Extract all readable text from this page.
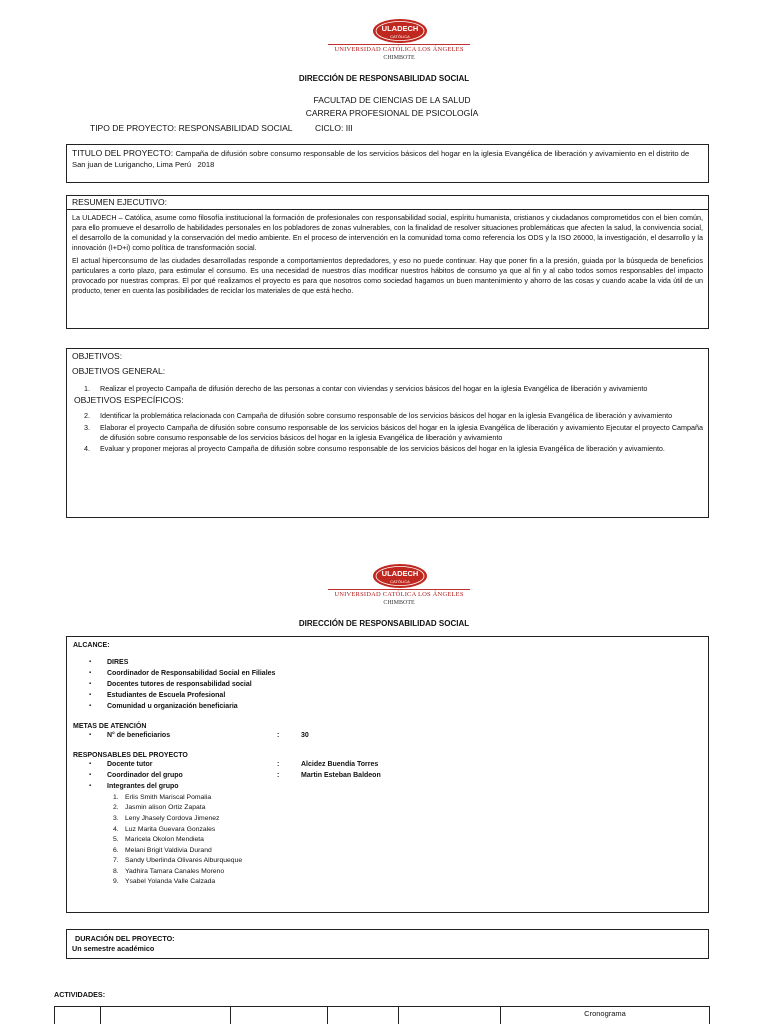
ULADECH
CATÓLICA
UNIVERSIDAD CATÓLICA LOS ÁNGELES
CHIMBOTE
DIRECCIÓN DE RESPONSABILIDAD SOCIAL
FACULTAD DE CIENCIAS DE LA SALUD
CARRERA PROFESIONAL DE PSICOLOGÍA
TIPO DE PROYECTO: RESPONSABILIDAD SOCIAL	CICLO: III
TITULO DEL PROYECTO: Campaña de difusión sobre consumo responsable de los servicios básicos del hogar en la iglesia Evangélica de liberación y avivamiento en el distrito de San juan de Lurigancho, Lima Perú 2018
RESUMEN EJECUTIVO:

La ULADECH – Católica, asume como filosofía institucional la formación de profesionales con responsabilidad social, espíritu humanista, cristianos y ciudadanos comprometidos con el bien común, para ello promueve el desarrollo de habilidades personales en los pobladores de zonas vulnerables, con la finalidad de resolver situaciones problemáticas que afecten la salud, la convivencia social, el desarrollo de la comunidad y la conservación del medio ambiente. En el proceso de intervención en la comunidad toma como referencia los ODS y la ISO 26000, la investigación, el desarrollo y la innovación (I+D+i) como política de transformación social.

El actual hiperconsumo de las ciudades desarrolladas responde a comportamientos depredadores, y eso no puede continuar. Hay que poner fin a la presión, guiada por la búsqueda de beneficios particulares a corto plazo, para estimular el consumo. Es una necesidad de nuestros días modificar nuestros hábitos de consumo ya que al fin y al cabo todos somos responsables del impacto provocado por nuestras compras. El por qué realizamos el proyecto es para que nosotros como sociedad hagamos un buen mantenimiento y ahorro de las cosas y cuando acabe la vida útil de un producto, tener en cuenta las posibilidades de reciclar los materiales de que está hecho.

OBJETIVOS:
OBJETIVOS GENERAL:
1.	Realizar el proyecto Campaña de difusión derecho de las personas a contar con viviendas y servicios básicos del hogar en la iglesia Evangélica de liberación y avivamiento
OBJETIVOS ESPECÍFICOS:
2.	Identificar la problemática relacionada con Campaña de difusión sobre consumo responsable de los servicios básicos del hogar en la iglesia Evangélica de liberación y avivamiento
3.	Elaborar el proyecto Campaña de difusión sobre consumo responsable de los servicios básicos del hogar en la iglesia Evangélica de liberación y avivamiento Ejecutar el proyecto Campaña de difusión sobre consumo responsable de los servicios básicos del hogar en la iglesia Evangélica de liberación y avivamiento
4.	Evaluar y proponer mejoras al proyecto Campaña de difusión sobre consumo responsable de los servicios básicos del hogar en la iglesia Evangélica de liberación y avivamiento.
ULADECH
CATÓLICA
UNIVERSIDAD CATÓLICA LOS ÁNGELES
CHIMBOTE
DIRECCIÓN DE RESPONSABILIDAD SOCIAL
ALCANCE:
▪	DIRES
▪	Coordinador de Responsabilidad Social en Filiales
▪	Docentes tutores de responsabilidad social
▪	Estudiantes de Escuela Profesional
▪	Comunidad u organización beneficiaria
METAS DE ATENCIÓN
▪	N° de beneficiarios	:	30
RESPONSABLES DEL PROYECTO
▪	Docente tutor	:	Alcidez Buendía Torres
▪	Coordinador del grupo	:	Martin Esteban Baldeon
▪	Integrantes del grupo
1. Erlis Smith Mariscal Pomalia
2. Jasmin alison Ortiz Zapata
3. Leny Jhasely Cordova Jimenez
4. Luz Marita Guevara Gonzales
5. Maricela Okolon Mendieta
6. Melani Brigit Valdivia Durand
7. Sandy Uberlinda Olivares Alburqueque
8. Yadhira Tamara Canales Moreno
9. Ysabel Yolanda Valle Calzada
DURACIÓN DEL PROYECTO:
Un semestre académico
ACTIVIDADES:

Cronograma
